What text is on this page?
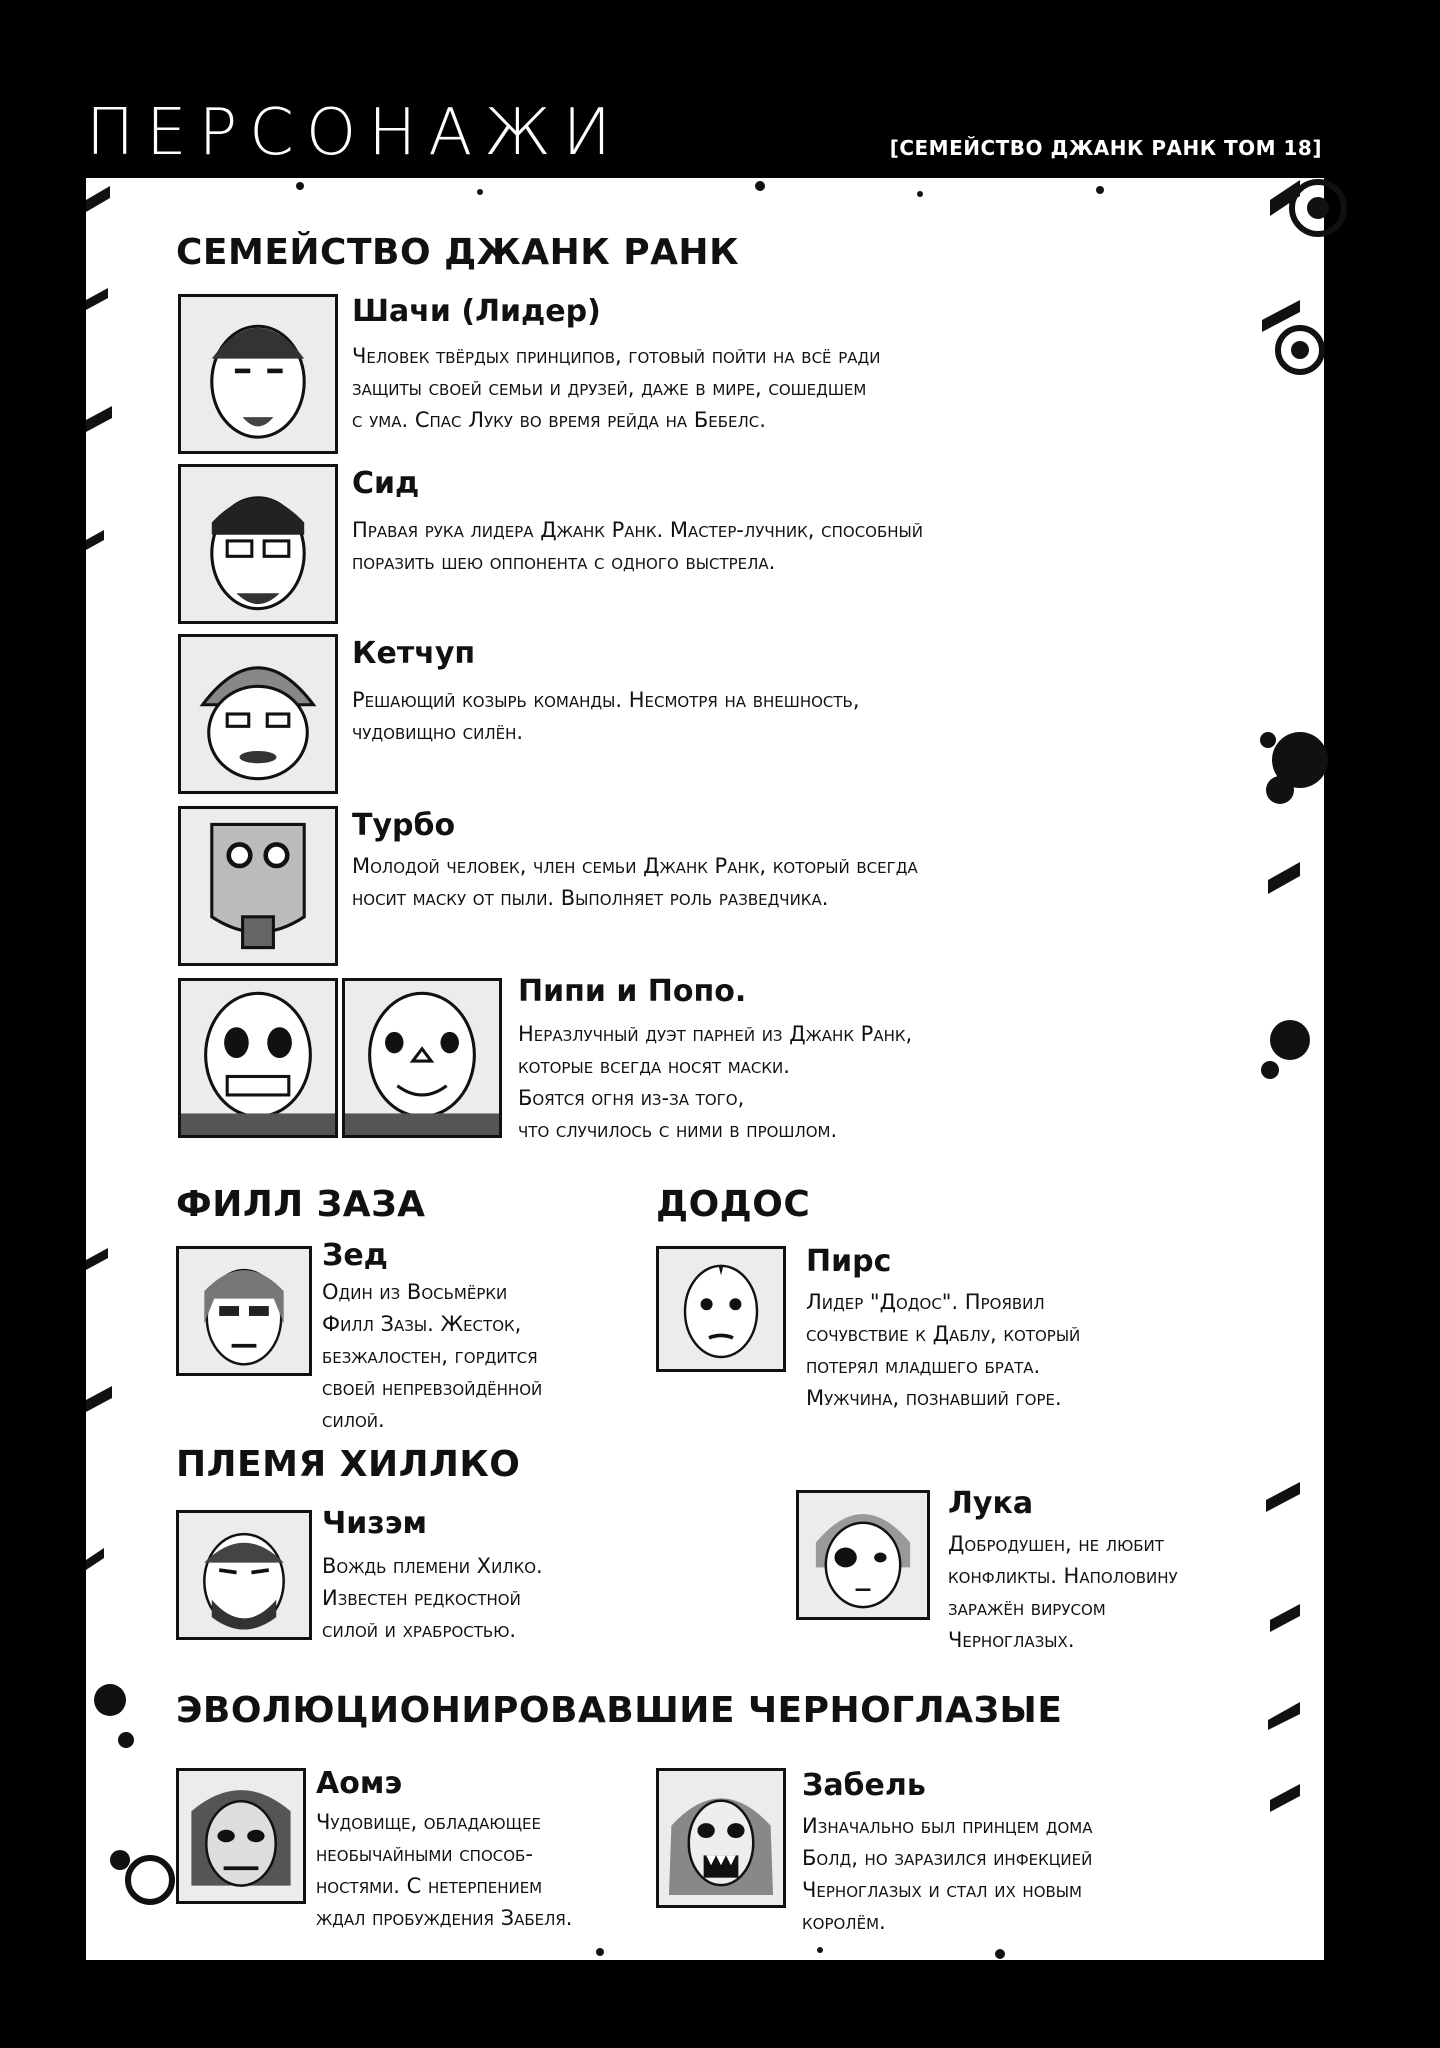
ПЕРСОНАЖИ	[СЕМЕЙСТВО ДЖАНК РАНК ТОМ 18]
СЕМЕЙСТВО ДЖАНК РАНК
Шачи (Лидер)
Человек твёрдых принципов, готовый пойти на всё ради
защиты своей семьи и друзей, даже в мире, сошедшем
с ума. Спас Луку во время рейда на Бебелс.
Сид
Правая рука лидера Джанк Ранк. Мастер-лучник, способный
поразить шею оппонента с одного выстрела.
Кетчуп
Решающий козырь команды. Несмотря на внешность,
чудовищно силён.
Турбо
Молодой человек, член семьи Джанк Ранк, который всегда
носит маску от пыли. Выполняет роль разведчика.
Пипи и Попо.
Неразлучный дуэт парней из Джанк Ранк,
которые всегда носят маски.
Боятся огня из-за того,
что случилось с ними в прошлом.
ФИЛЛ ЗАЗА
Зед
Один из Восьмёрки
Филл Зазы. Жесток,
безжалостен, гордится
своей непревзойдённой
силой.
ДОДОС
Пирс
Лидер "Додос". Проявил
сочувствие к Даблу, который
потерял младшего брата.
Мужчина, познавший горе.
ПЛЕМЯ ХИЛЛКО
Чизэм
Вождь племени Хилко.
Известен редкостной
силой и храбростью.
Лука
Добродушен, не любит
конфликты. Наполовину
заражён вирусом
Черноглазых.
ЭВОЛЮЦИОНИРОВАВШИЕ ЧЕРНОГЛАЗЫЕ
Аомэ
Чудовище, обладающее
необычайными способ-
ностями. С нетерпением
ждал пробуждения Забеля.
Забель
Изначально был принцем дома
Болд, но заразился инфекцией
Черноглазых и стал их новым
королём.
